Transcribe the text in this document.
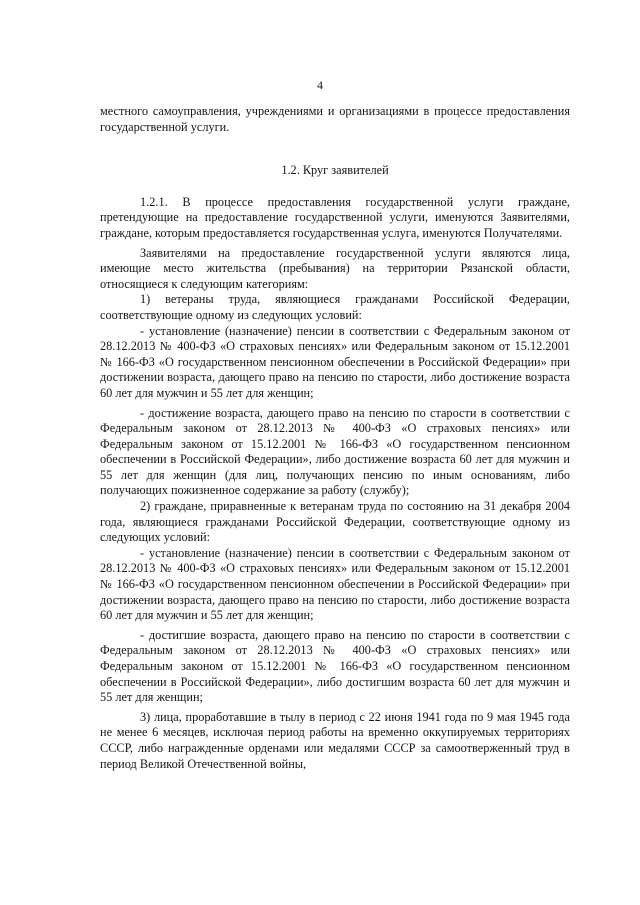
4

местного самоуправления, учреждениями и организациями в процессе предоставления государственной услуги.

1.2. Круг заявителей

1.2.1. В процессе предоставления государственной услуги граждане, претендующие на предоставление государственной услуги, именуются Заявителями, граждане, которым предоставляется государственная услуга, именуются Получателями.

Заявителями на предоставление государственной услуги являются лица, имеющие место жительства (пребывания) на территории Рязанской области, относящиеся к следующим категориям:

1) ветераны труда, являющиеся гражданами Российской Федерации, соответствующие одному из следующих условий:

- установление (назначение) пенсии в соответствии с Федеральным законом от 28.12.2013 № 400-ФЗ «О страховых пенсиях» или Федеральным законом от 15.12.2001 № 166-ФЗ «О государственном пенсионном обеспечении в Российской Федерации» при достижении возраста, дающего право на пенсию по старости, либо достижение возраста 60 лет для мужчин и 55 лет для женщин;

- достижение возраста, дающего право на пенсию по старости в соответствии с Федеральным законом от 28.12.2013 № 400-ФЗ «О страховых пенсиях» или Федеральным законом от 15.12.2001 № 166-ФЗ «О государственном пенсионном обеспечении в Российской Федерации», либо достижение возраста 60 лет для мужчин и 55 лет для женщин (для лиц, получающих пенсию по иным основаниям, либо получающих пожизненное содержание за работу (службу);

2) граждане, приравненные к ветеранам труда по состоянию на 31 декабря 2004 года, являющиеся гражданами Российской Федерации, соответствующие одному из следующих условий:

- установление (назначение) пенсии в соответствии с Федеральным законом от 28.12.2013 № 400-ФЗ «О страховых пенсиях» или Федеральным законом от 15.12.2001 № 166-ФЗ «О государственном пенсионном обеспечении в Российской Федерации» при достижении возраста, дающего право на пенсию по старости, либо достижение возраста 60 лет для мужчин и 55 лет для женщин;

- достигшие возраста, дающего право на пенсию по старости в соответствии с Федеральным законом от 28.12.2013 № 400-ФЗ «О страховых пенсиях» или Федеральным законом от 15.12.2001 № 166-ФЗ «О государственном пенсионном обеспечении в Российской Федерации», либо достигшим возраста 60 лет для мужчин и 55 лет для женщин;

3) лица, проработавшие в тылу в период с 22 июня 1941 года по 9 мая 1945 года не менее 6 месяцев, исключая период работы на временно оккупируемых территориях СССР, либо награжденные орденами или медалями СССР за самоотверженный труд в период Великой Отечественной войны,
